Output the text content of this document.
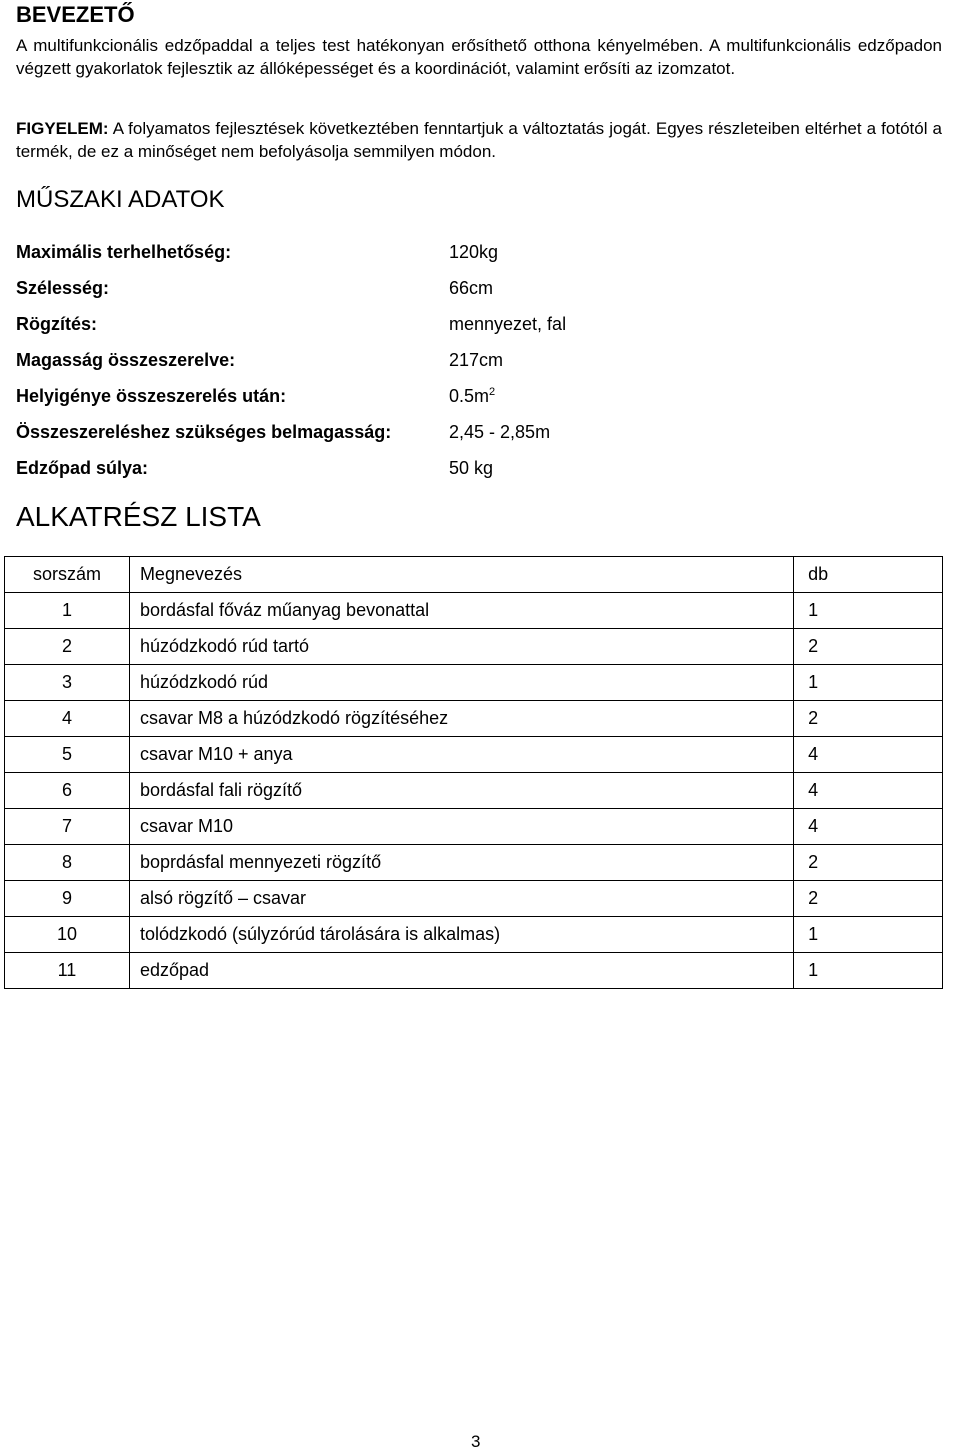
BEVEZETŐ

A multifunkcionális edzőpaddal a teljes test hatékonyan erősíthető otthona kényelmében. A multifunkcionális edzőpadon végzett gyakorlatok fejlesztik az állóképességet és a koordinációt, valamint erősíti az izomzatot.

FIGYELEM: A folyamatos fejlesztések következtében fenntartjuk a változtatás jogát. Egyes részleteiben eltérhet a fotótól a termék, de ez a minőséget nem befolyásolja semmilyen módon.

MŰSZAKI ADATOK
Maximális terhelhetőség:	120kg
Szélesség:	66cm
Rögzítés:	mennyezet, fal
Magasság összeszerelve:	217cm
Helyigénye összeszerelés után:	$0.5m^2$
Összeszereléshez szükséges belmagasság:	2,45 - 2,85m
Edzőpad súlya:	50 kg
ALKATRÉSZ LISTA
sorszám	Megnevezés	db
1	bordásfal főváz műanyag bevonattal	1
2	húzódzkodó rúd tartó	2
3	húzódzkodó rúd	1
4	csavar M8 a húzódzkodó rögzítéséhez	2
5	csavar M10 + anya	4
6	bordásfal fali rögzítő	4
7	csavar M10	4
8	boprdásfal mennyezeti rögzítő	2
9	alsó rögzítő – csavar	2
10	tolódzkodó (súlyzórúd tárolására is alkalmas)	1
11	edzőpad	1
3
